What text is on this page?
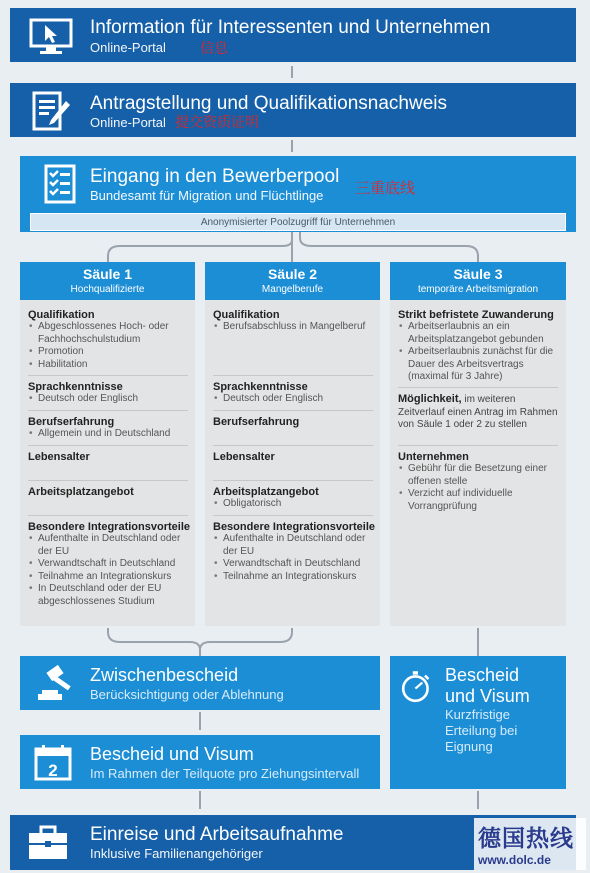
Information für Interessenten und Unternehmen
Online-Portal 信息
Antragstellung und Qualifikationsnachweis
Online-Portal 提交资质证明
Eingang in den Bewerberpool
Bundesamt für Migration und Flüchtlinge 三重底线
Anonymisierter Poolzugriff für Unternehmen
Säule 1
Hochqualifizierte
Qualifikation
• Abgeschlossenes Hoch- oder Fachhochschulstudium
• Promotion
• Habilitation
Sprachkenntnisse
• Deutsch oder Englisch
Berufserfahrung
• Allgemein und in Deutschland
Lebensalter
Arbeitsplatzangebot
Besondere Integrationsvorteile
• Aufenthalte in Deutschland oder der EU
• Verwandtschaft in Deutschland
• Teilnahme an Integrationskurs
• In Deutschland oder der EU abgeschlossenes Studium
Säule 2
Mangelberufe
Qualifikation
• Berufsabschluss in Mangelberuf
Sprachkenntnisse
• Deutsch oder Englisch
Berufserfahrung
Lebensalter
Arbeitsplatzangebot
• Obligatorisch
Besondere Integrationsvorteile
• Aufenthalte in Deutschland oder der EU
• Verwandtschaft in Deutschland
• Teilnahme an Integrationskurs
Säule 3
temporäre Arbeitsmigration
Strikt befristete Zuwanderung
• Arbeitserlaubnis an ein Arbeitsplatzangebot gebunden
• Arbeitserlaubnis zunächst für die Dauer des Arbeitsvertrags (maximal für 3 Jahre)

Möglichkeit, im weiteren Zeitverlauf einen Antrag im Rahmen von Säule 1 oder 2 zu stellen

Unternehmen
• Gebühr für die Besetzung einer offenen stelle
• Verzicht auf individuelle Vorrangprüfung
Zwischenbescheid
Berücksichtigung oder Ablehnung
2
Bescheid und Visum
Im Rahmen der Teilquote pro Ziehungsintervall
Bescheid
und Visum
Kurzfristige
Erteilung bei
Eignung
Einreise und Arbeitsaufnahme
Inklusive Familienangehöriger
德国热线
www.dolc.de
